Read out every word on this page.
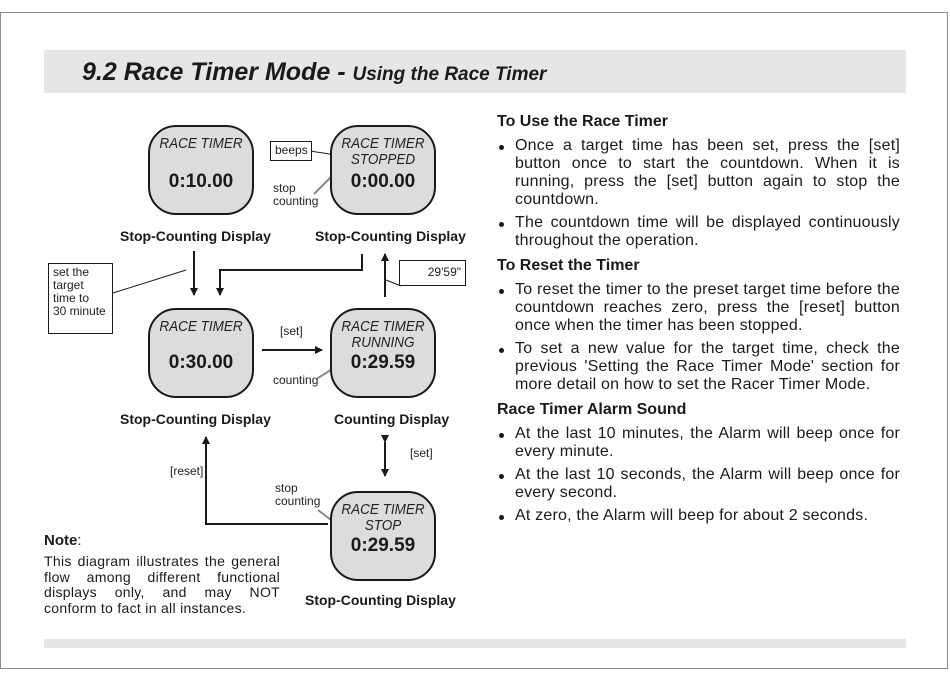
9.2 Race Timer Mode - Using the Race Timer
RACE TIMER
0:10.00
RACE TIMER
STOPPED
0:00.00
RACE TIMER
0:30.00
RACE TIMER
RUNNING
0:29.59
RACE TIMER
STOP
0:29.59
Stop-Counting Display	Stop-Counting Display
Stop-Counting Display	Counting Display
Stop-Counting Display
beeps
stop
counting
set the
target
time to
30 minute
29'59"
[set]
counting
[set]
[reset]
stop
counting
Note:
This diagram illustrates the general flow among different functional displays only, and may NOT conform to fact in all instances.
To Use the Race Timer
Once a target time has been set, press the [set] button once to start the countdown. When it is running, press the [set] button again to stop the countdown.
The countdown time will be displayed continuously throughout the operation.
To Reset the Timer
To reset the timer to the preset target time before the countdown reaches zero, press the [reset] button once when the timer has been stopped.
To set a new value for the target time, check the previous 'Setting the Race Timer Mode' section for more detail on how to set the Racer Timer Mode.
Race Timer Alarm Sound
At the last 10 minutes, the Alarm will beep once for every minute.
At the last 10 seconds, the Alarm will beep once for every second.
At zero, the Alarm will beep for about 2 seconds.
